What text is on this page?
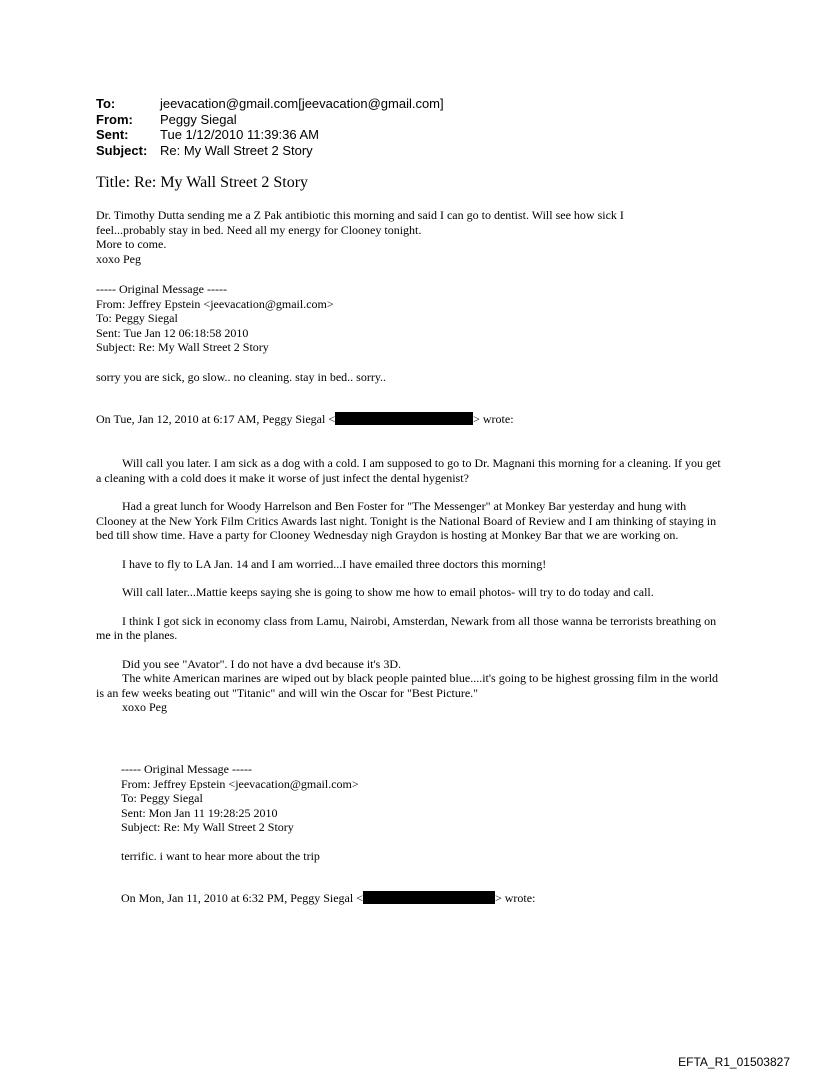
To:	jeevacation@gmail.com[jeevacation@gmail.com]
From:	Peggy Siegal
Sent:	Tue 1/12/2010 11:39:36 AM
Subject: Re: My Wall Street 2 Story
Title: Re: My Wall Street 2 Story

Dr. Timothy Dutta sending me a Z Pak antibiotic this morning and said I can go to dentist. Will see how sick I

feel...probably stay in bed. Need all my energy for Clooney tonight.

More to come.

xoxo Peg

----- Original Message -----

From: Jeffrey Epstein <jeevacation@gmail.com>

To: Peggy Siegal

Sent: Tue Jan 12 06:18:58 2010

Subject: Re: My Wall Street 2 Story

sorry you are sick, go slow.. no cleaning. stay in bed.. sorry..
On Tue, Jan 12, 2010 at 6:17 AM, Peggy Siegal <	> wrote:

Will call you later. I am sick as a dog with a cold. I am supposed to go to Dr. Magnani this morning for a cleaning. If you get a cleaning with a cold does it make it worse of just infect the dental hygenist?

Had a great lunch for Woody Harrelson and Ben Foster for "The Messenger" at Monkey Bar yesterday and hung with Clooney at the New York Film Critics Awards last night. Tonight is the National Board of Review and I am thinking of staying in bed till show time. Have a party for Clooney Wednesday nigh Graydon is hosting at Monkey Bar that we are working on.

I have to fly to LA Jan. 14 and I am worried...I have emailed three doctors this morning!

Will call later...Mattie keeps saying she is going to show me how to email photos- will try to do today and call.

I think I got sick in economy class from Lamu, Nairobi, Amsterdan, Newark from all those wanna be terrorists breathing on me in the planes.

Did you see "Avator". I do not have a dvd because it's 3D.

The white American marines are wiped out by black people painted blue....it's going to be highest grossing film in the world is an few weeks beating out "Titanic" and will win the Oscar for "Best Picture."

xoxo Peg

----- Original Message -----

From: Jeffrey Epstein <jeevacation@gmail.com>

To: Peggy Siegal

Sent: Mon Jan 11 19:28:25 2010

Subject: Re: My Wall Street 2 Story

terrific. i want to hear more about the trip
On Mon, Jan 11, 2010 at 6:32 PM, Peggy Siegal <	> wrote:
EFTA_R1_01503827
